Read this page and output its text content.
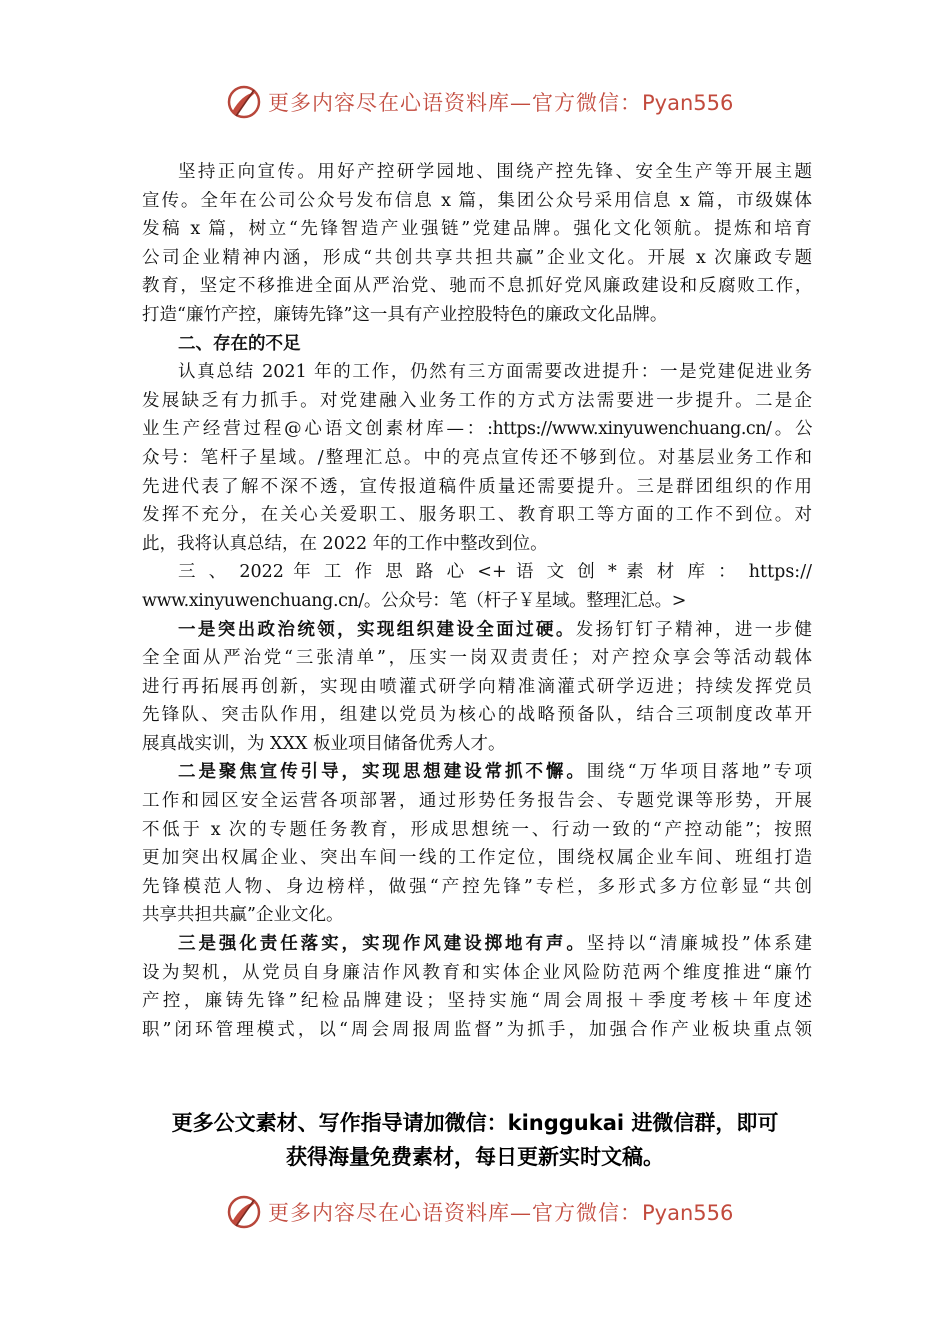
更多内容尽在心语资料库—官方微信：Pyan556
坚持正向宣传。用好产控研学园地、围绕产控先锋、安全生产等开展主题
宣传。全年在公司公众号发布信息 x 篇，集团公众号采用信息 x 篇，市级媒体
发稿 x 篇，树立“先锋智造产业强链”党建品牌。强化文化领航。提炼和培育
公司企业精神内涵，形成“共创共享共担共赢”企业文化。开展 x 次廉政专题
教育，坚定不移推进全面从严治党、驰而不息抓好党风廉政建设和反腐败工作，
打造“廉竹产控，廉铸先锋”这一具有产业控股特色的廉政文化品牌。
二、存在的不足
认真总结 2021 年的工作，仍然有三方面需要改进提升：一是党建促进业务
发展缺乏有力抓手。对党建融入业务工作的方式方法需要进一步提升。二是企
业生产经营过程@心语文创素材库—：:https://www.xinyuwenchuang.cn/。公
众号：笔杆子星域。/整理汇总。中的亮点宣传还不够到位。对基层业务工作和
先进代表了解不深不透，宣传报道稿件质量还需要提升。三是群团组织的作用
发挥不充分，在关心关爱职工、服务职工、教育职工等方面的工作不到位。对
此，我将认真总结，在 2022 年的工作中整改到位。
三 、 2022 年 工 作 思 路 心 <+ 语 文 创 * 素 材 库 ： https://
www.xinyuwenchuang.cn/。公众号：笔（杆子￥星域。整理汇总。>
一是突出政治统领，实现组织建设全面过硬。发扬钉钉子精神，进一步健
全全面从严治党“三张清单”，压实一岗双责责任；对产控众享会等活动载体
进行再拓展再创新，实现由喷灌式研学向精准滴灌式研学迈进；持续发挥党员
先锋队、突击队作用，组建以党员为核心的战略预备队，结合三项制度改革开
展真战实训，为 XXX 板业项目储备优秀人才。
二是聚焦宣传引导，实现思想建设常抓不懈。围绕“万华项目落地”专项
工作和园区安全运营各项部署，通过形势任务报告会、专题党课等形势，开展
不低于 x 次的专题任务教育，形成思想统一、行动一致的“产控动能”；按照
更加突出权属企业、突出车间一线的工作定位，围绕权属企业车间、班组打造
先锋模范人物、身边榜样，做强“产控先锋”专栏，多形式多方位彰显“共创
共享共担共赢”企业文化。
三是强化责任落实，实现作风建设掷地有声。坚持以“清廉城投”体系建
设为契机，从党员自身廉洁作风教育和实体企业风险防范两个维度推进“廉竹
产控，廉铸先锋”纪检品牌建设；坚持实施“周会周报＋季度考核＋年度述
职”闭环管理模式，以“周会周报周监督”为抓手，加强合作产业板块重点领
更多公文素材、写作指导请加微信：kinggukai 进微信群，即可
获得海量免费素材，每日更新实时文稿。
更多内容尽在心语资料库—官方微信：Pyan556
